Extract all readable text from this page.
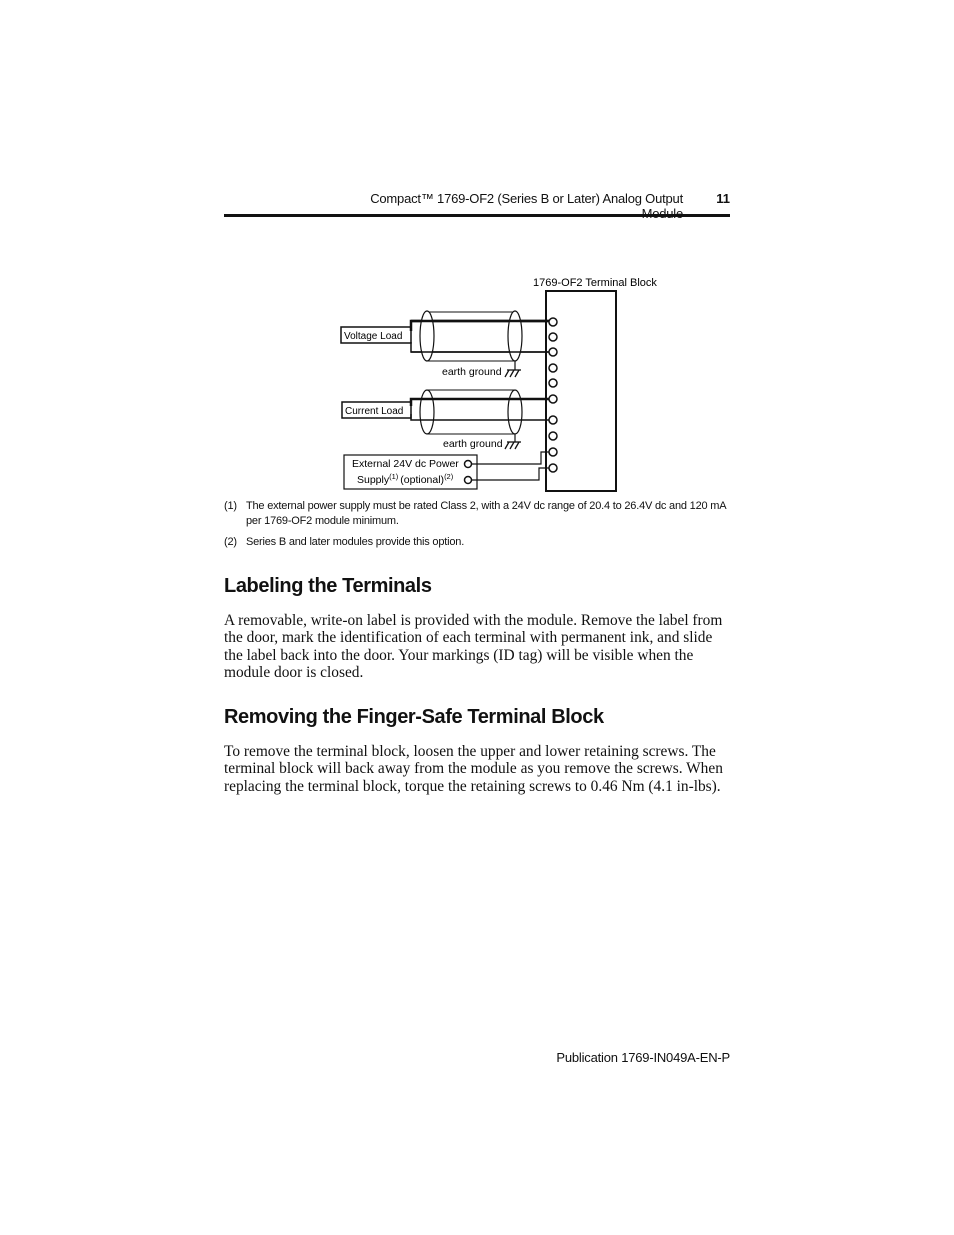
Compact™ 1769-OF2 (Series B or Later) Analog Output	11
1769-OF2 Terminal Block
Voltage Load
earth ground
Current Load
earth ground
External 24V dc Power
Supply$^{(1)}$ (optional)$^{(2)}$
(1) The external power supply must be rated Class 2, with a 24V dc range of 20.4 to 26.4V dc and 120 mA per 1769-OF2 module minimum.
(2) Series B and later modules provide this option.
Labeling the Terminals

A removable, write-on label is provided with the module. Remove the label from the door, mark the identification of each terminal with permanent ink, and slide the label back into the door. Your markings (ID tag) will be visible when the module door is closed.

Removing the Finger-Safe Terminal Block

To remove the terminal block, loosen the upper and lower retaining screws. The terminal block will back away from the module as you remove the screws. When replacing the terminal block, torque the retaining screws to 0.46 Nm (4.1 in-lbs).

Publication 1769-IN049A-EN-P
